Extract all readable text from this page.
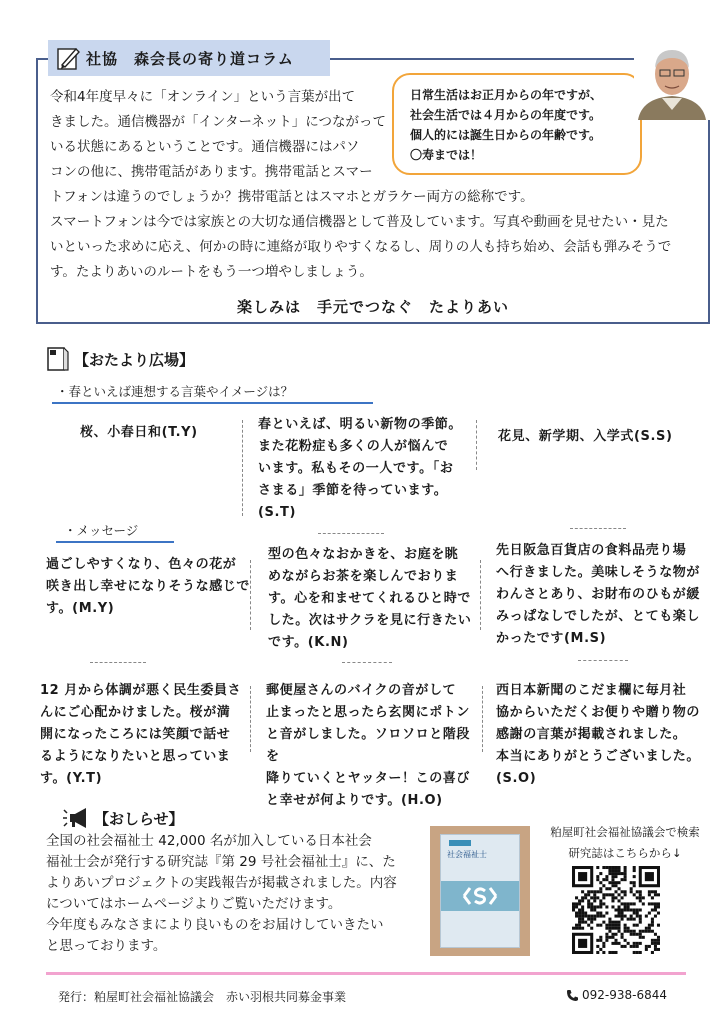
社協　森会長の寄り道コラム
令和4年度早々に「オンライン」という言葉が出て
きました。通信機器が「インターネット」につながって
いる状態にあるということです。通信機器にはパソ
コンの他に、携帯電話があります。携帯電話とスマー
トフォンは違うのでしょうか？携帯電話とはスマホとガラケー両方の総称です。
スマートフォンは今では家族との大切な通信機器として普及しています。写真や動画を見せたい・見た
いといった求めに応え、何かの時に連絡が取りやすくなるし、周りの人も持ち始め、会話も弾みそうで
す。たよりあいのルートをもう一つ増やしましょう。
日常生活はお正月からの年ですが、
社会生活では４月からの年度です。
個人的には誕生日からの年齢です。
〇寿までは！
楽しみは　手元でつなぐ　たよりあい
【おたより広場】
・春といえば連想する言葉やイメージは？
桜、小春日和(T.Y)
春といえば、明るい新物の季節。
また花粉症も多くの人が悩んで
います。私もその一人です。「お
さまる」季節を待っています。
(S.T)
花見、新学期、入学式(S.S)
・メッセージ
過ごしやすくなり、色々の花が
咲き出し幸せになりそうな感じで
す。(M.Y)
型の色々なおかきを、お庭を眺
めながらお茶を楽しんでおりま
す。心を和ませてくれるひと時で
した。次はサクラを見に行きたい
です。(K.N)
先日阪急百貨店の食料品売り場
へ行きました。美味しそうな物が
わんさとあり、お財布のひもが緩
みっぱなしでしたが、とても楽し
かったです(M.S)
12 月から体調が悪く民生委員さ
んにご心配かけました。桜が満
開になったころには笑顔で話せ
るようになりたいと思っていま
す。(Y.T)
郵便屋さんのバイクの音がして
止まったと思ったら玄関にポトン
と音がしました。ソロソロと階段を
降りていくとヤッター！この喜び
と幸せが何よりです。(H.O)
西日本新聞のこだま欄に毎月社
協からいただくお便りや贈り物の
感謝の言葉が掲載されました。
本当にありがとうございました。
(S.O)
【おしらせ】
全国の社会福祉士 42,000 名が加入している日本社会
福祉士会が発行する研究誌『第 29 号社会福祉士』に、た
よりあいプロジェクトの実践報告が掲載されました。内容
についてはホームページよりご覧いただけます。
今年度もみなさまにより良いものをお届けしていきたい
と思っております。
社会福祉士
粕屋町社会福祉協議会で検索
研究誌はこちらから↓
発行：粕屋町社会福祉協議会　赤い羽根共同募金事業	092-938-6844
